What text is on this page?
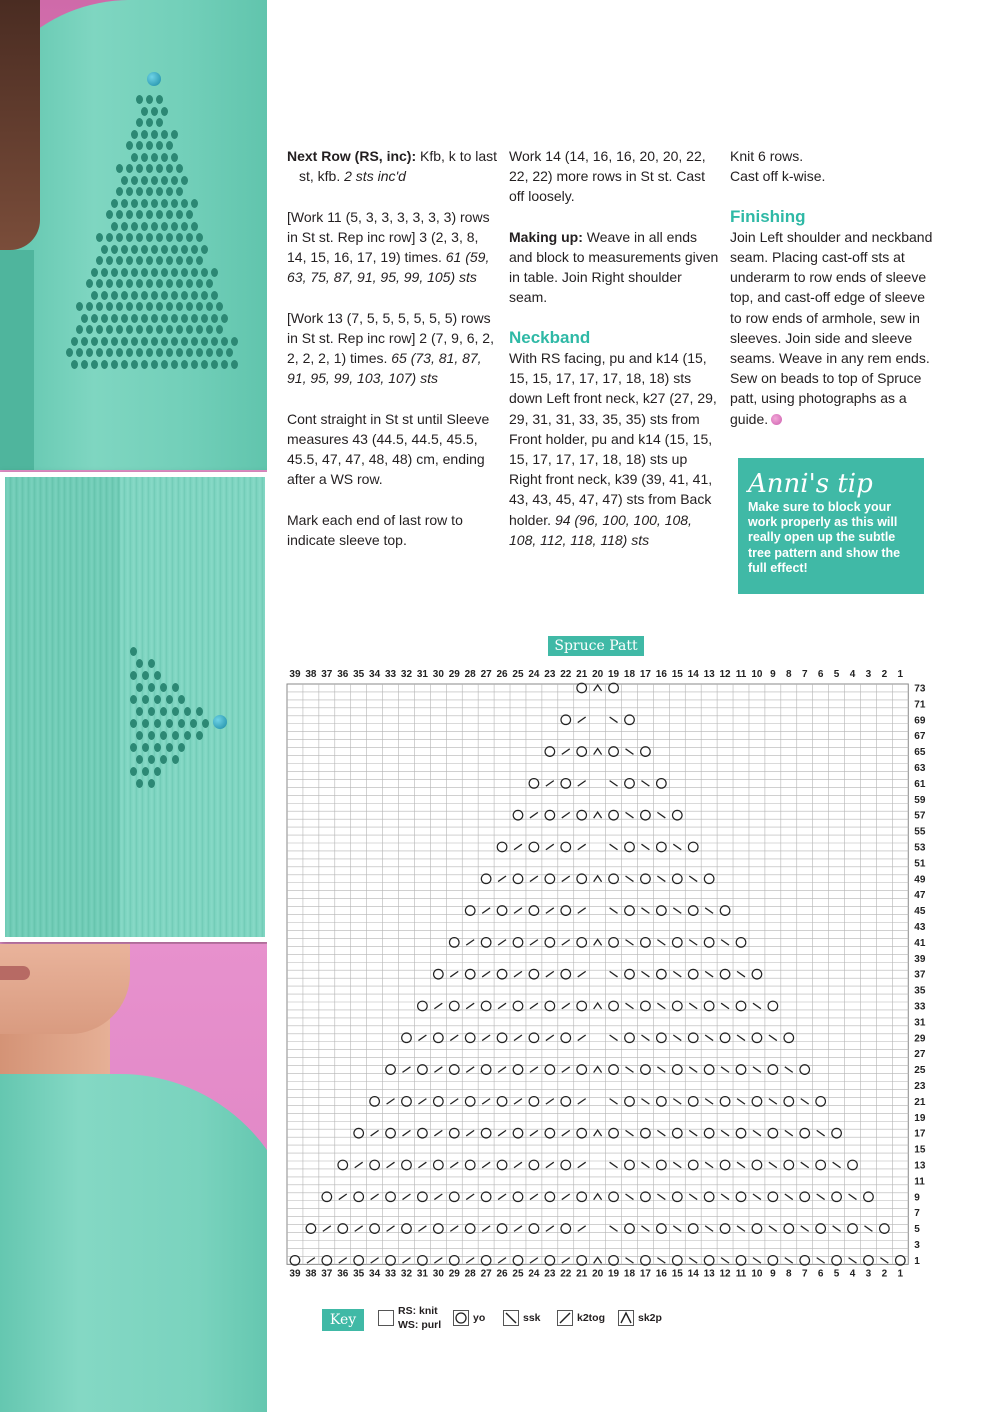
Next Row (RS, inc): Kfb, k to last st, kfb. 2 sts inc'd

[Work 11 (5, 3, 3, 3, 3, 3, 3) rows in St st. Rep inc row] 3 (2, 3, 8, 14, 15, 16, 17, 19) times. 61 (59, 63, 75, 87, 91, 95, 99, 105) sts

[Work 13 (7, 5, 5, 5, 5, 5, 5) rows in St st. Rep inc row] 2 (7, 9, 6, 2, 2, 2, 2, 1) times. 65 (73, 81, 87, 91, 95, 99, 103, 107) sts

Cont straight in St st until Sleeve measures 43 (44.5, 44.5, 45.5, 45.5, 47, 47, 48, 48) cm, ending after a WS row.

Mark each end of last row to indicate sleeve top.

Work 14 (14, 16, 16, 20, 20, 22, 22, 22) more rows in St st. Cast off loosely.

Making up: Weave in all ends and block to measurements given in table. Join Right shoulder seam.

Neckband

With RS facing, pu and k14 (15, 15, 15, 17, 17, 17, 18, 18) sts down Left front neck, k27 (27, 29, 29, 31, 31, 33, 35, 35) sts from Front holder, pu and k14 (15, 15, 15, 17, 17, 17, 18, 18) sts up Right front neck, k39 (39, 41, 41, 43, 43, 45, 47, 47) sts from Back holder. 94 (96, 100, 100, 108, 108, 112, 118, 118) sts

Knit 6 rows.

Cast off k-wise.

Finishing

Join Left shoulder and neckband seam. Placing cast-off sts at underarm to row ends of sleeve top, and cast-off edge of sleeve to row ends of armhole, sew in sleeves. Join side and sleeve seams. Weave in any rem ends. Sew on beads to top of Spruce patt, using photographs as a guide.

Anni's tip
Make sure to block your work properly as this will really open up the subtle tree pattern and show the full effect!
Spruce Patt
39
39
38
38
37
37
36
36
35
35
34
34
33
33
32
32
31
31
30
30
29
29
28
28
27
27
26
26
25
25
24
24
23
23
22
22
21
21
20
20
19
19
18
18
17
17
16
16
15
15
14
14
13
13
12
12
11
11
10
10
9
9
8
8
7
7
6
6
5
5
4
4
3
3
2
2
1
1
73
71
69
67
65
63
61
59
57
55
53
51
49
47
45
43
41
39
37
35
33
31
29
27
25
23
21
19
17
15
13
11
9
7
5
3
1
Key
RS: knit
WS: purl
yo	ssk	k2tog	sk2p
